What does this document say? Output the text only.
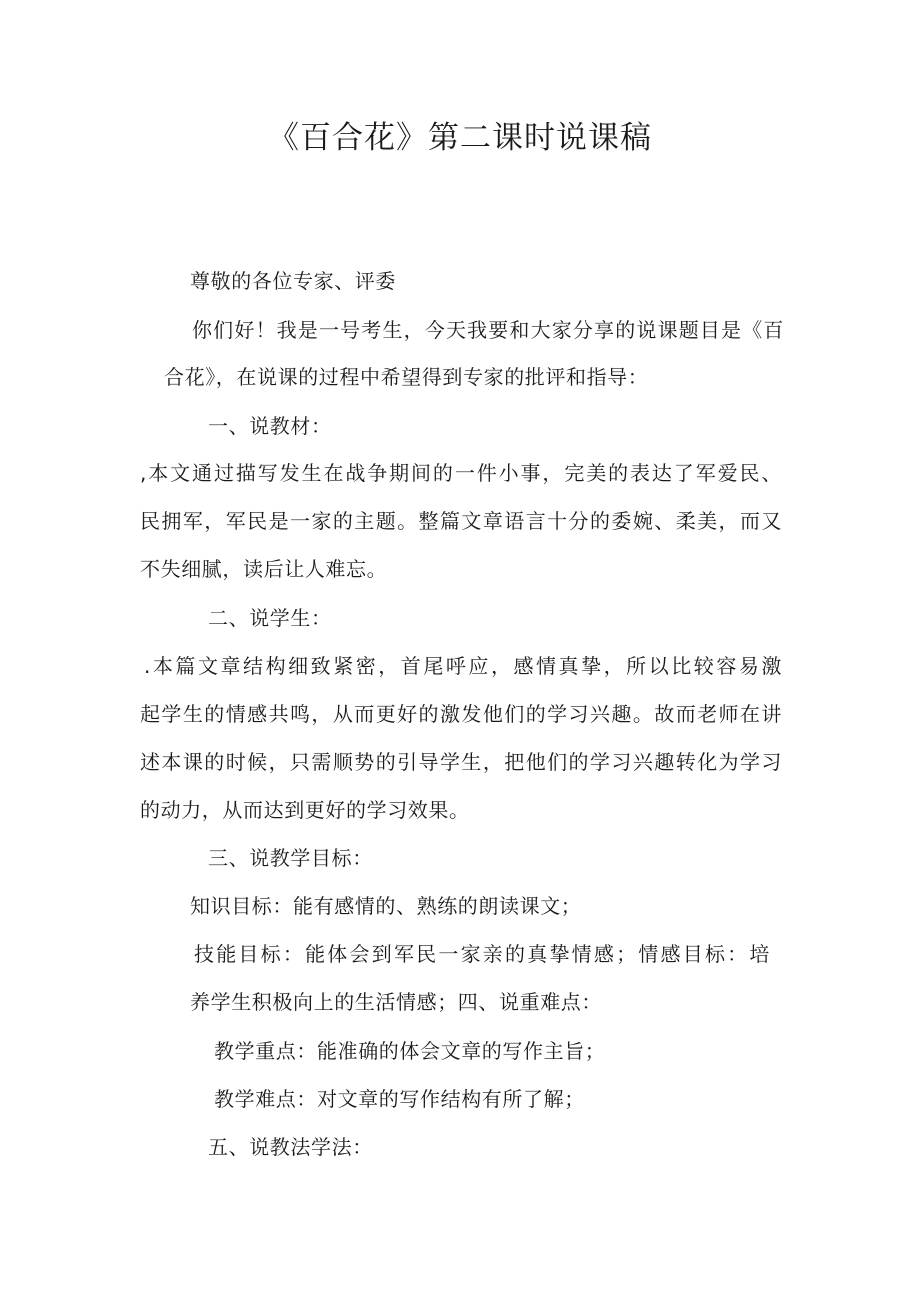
《百合花》第二课时说课稿
尊敬的各位专家、评委
你们好！我是一号考生，今天我要和大家分享的说课题目是《百
合花》，在说课的过程中希望得到专家的批评和指导：
一、说教材：
,本文通过描写发生在战争期间的一件小事，完美的表达了军爱民、
民拥军，军民是一家的主题。整篇文章语言十分的委婉、柔美，而又
不失细腻，读后让人难忘。
二、说学生：
.本篇文章结构细致紧密，首尾呼应，感情真挚，所以比较容易激
起学生的情感共鸣，从而更好的激发他们的学习兴趣。故而老师在讲
述本课的时候，只需顺势的引导学生，把他们的学习兴趣转化为学习
的动力，从而达到更好的学习效果。
三、说教学目标：
知识目标：能有感情的、熟练的朗读课文；
技能目标：能体会到军民一家亲的真挚情感；情感目标：培
养学生积极向上的生活情感；四、说重难点：
教学重点：能准确的体会文章的写作主旨；
教学难点：对文章的写作结构有所了解；
五、说教法学法：
